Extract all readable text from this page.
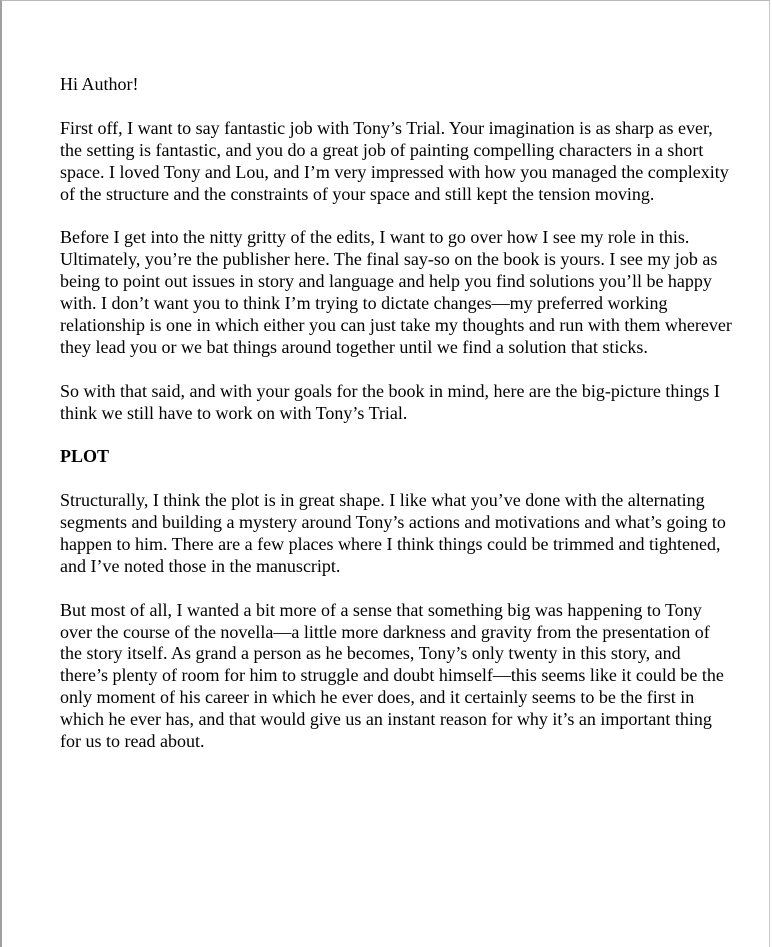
Hi Author!

First off, I want to say fantastic job with Tony’s Trial. Your imagination is as sharp as ever, the setting is fantastic, and you do a great job of painting compelling characters in a short space. I loved Tony and Lou, and I’m very impressed with how you managed the complexity of the structure and the constraints of your space and still kept the tension moving.

Before I get into the nitty gritty of the edits, I want to go over how I see my role in this. Ultimately, you’re the publisher here. The final say-so on the book is yours. I see my job as being to point out issues in story and language and help you find solutions you’ll be happy with. I don’t want you to think I’m trying to dictate changes—my preferred working relationship is one in which either you can just take my thoughts and run with them wherever they lead you or we bat things around together until we find a solution that sticks.

So with that said, and with your goals for the book in mind, here are the big-picture things I think we still have to work on with Tony’s Trial.

PLOT

Structurally, I think the plot is in great shape. I like what you’ve done with the alternating segments and building a mystery around Tony’s actions and motivations and what’s going to happen to him. There are a few places where I think things could be trimmed and tightened, and I’ve noted those in the manuscript.

But most of all, I wanted a bit more of a sense that something big was happening to Tony over the course of the novella—a little more darkness and gravity from the presentation of the story itself. As grand a person as he becomes, Tony’s only twenty in this story, and there’s plenty of room for him to struggle and doubt himself—this seems like it could be the only moment of his career in which he ever does, and it certainly seems to be the first in which he ever has, and that would give us an instant reason for why it’s an important thing for us to read about.
